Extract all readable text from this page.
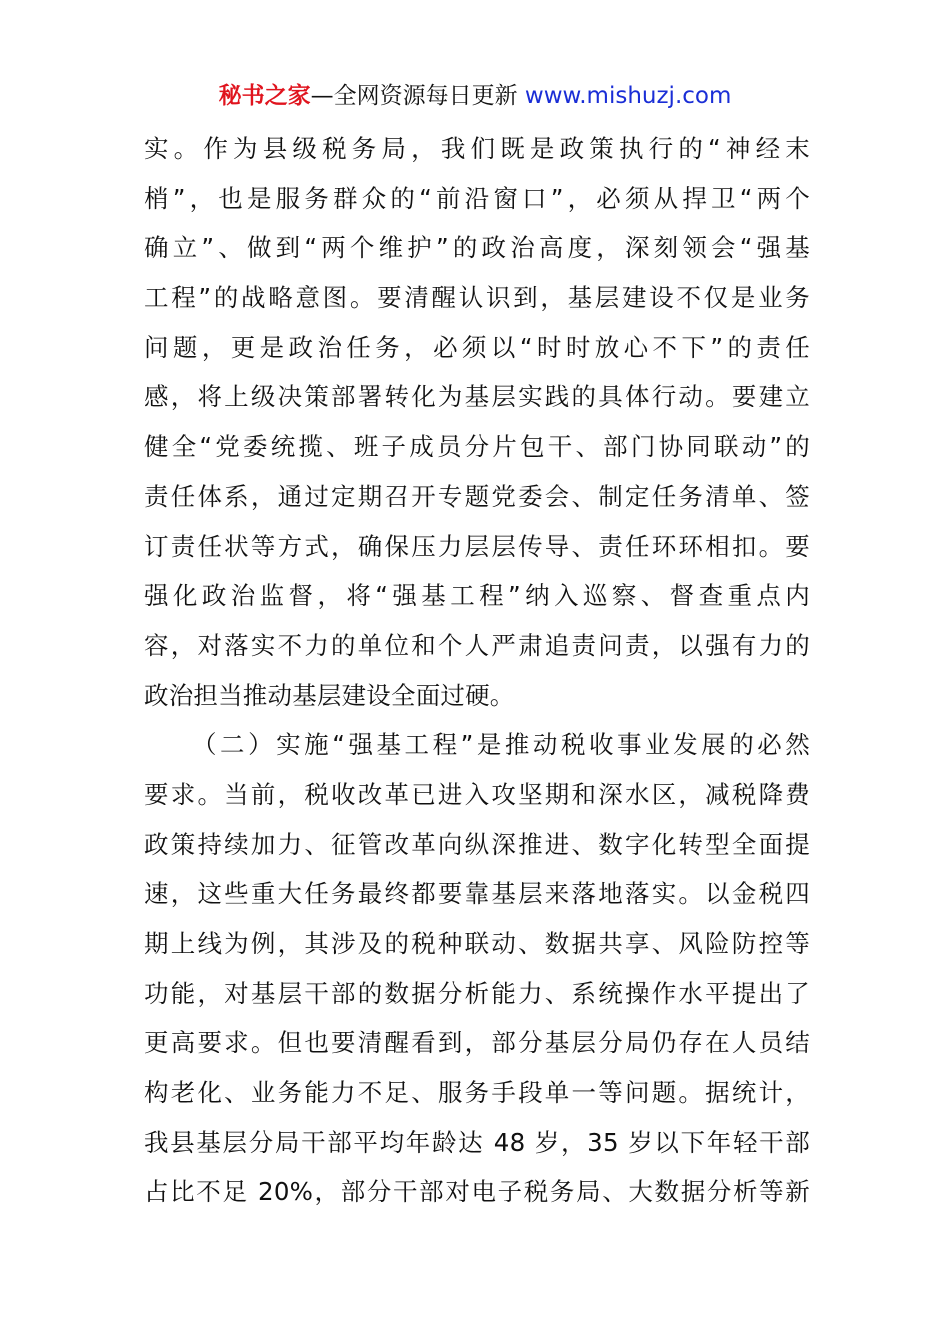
秘书之家—全网资源每日更新 www.mishuzj.com
实。作为县级税务局，我们既是政策执行的“神经末
梢”，也是服务群众的“前沿窗口”，必须从捍卫“两个
确立”、做到“两个维护”的政治高度，深刻领会“强基
工程”的战略意图。要清醒认识到，基层建设不仅是业务
问题，更是政治任务，必须以“时时放心不下”的责任
感，将上级决策部署转化为基层实践的具体行动。要建立
健全“党委统揽、班子成员分片包干、部门协同联动”的
责任体系，通过定期召开专题党委会、制定任务清单、签
订责任状等方式，确保压力层层传导、责任环环相扣。要
强化政治监督，将“强基工程”纳入巡察、督查重点内
容，对落实不力的单位和个人严肃追责问责，以强有力的
政治担当推动基层建设全面过硬。
（二）实施“强基工程”是推动税收事业发展的必然
要求。当前，税收改革已进入攻坚期和深水区，减税降费
政策持续加力、征管改革向纵深推进、数字化转型全面提
速，这些重大任务最终都要靠基层来落地落实。以金税四
期上线为例，其涉及的税种联动、数据共享、风险防控等
功能，对基层干部的数据分析能力、系统操作水平提出了
更高要求。但也要清醒看到，部分基层分局仍存在人员结
构老化、业务能力不足、服务手段单一等问题。据统计，
我县基层分局干部平均年龄达 48 岁，35 岁以下年轻干部
占比不足 20%，部分干部对电子税务局、大数据分析等新
